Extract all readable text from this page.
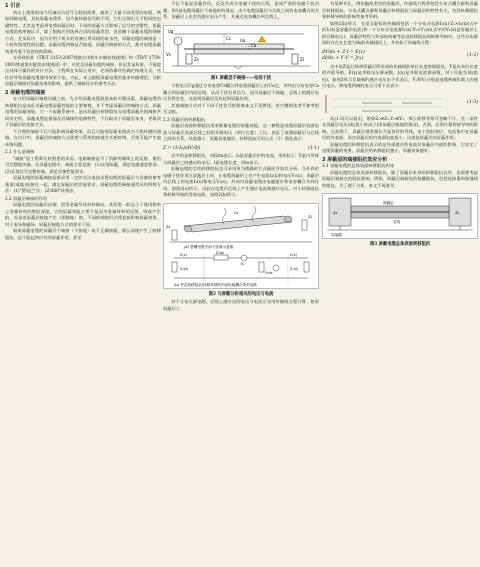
1 引言

机车上使用的电气设备因为信号互联的需要，使用了大量不同类型的电缆，例如同轴电缆、双绞屏蔽电缆等。因为被传输信号的不同，它们呈现出大不相同的电磁特性。尤其是考虑到电缆屏蔽层时，不同的屏蔽方式影响了信号的完整性，屏蔽电缆的效用被认可，除了根据应用选择合适的屏蔽类型，也依赖于屏蔽电缆的端接方式。在实际中，因为应用于机车的设备应用环境的复杂性，屏蔽电缆的端接是一个较有挑战性的问题。屏蔽电缆两端是否接地，屏蔽层端接的方式，都对电缆屏蔽效果有着不容忽视的影响。

在资料标准《TB/T 3153-2007铁路应用机车车辆布线规则》和《TB/T 1759-2003铁道客车配线布线规则》中，亦述及屏蔽电缆的端接。但因其是标准，不能提出具体可操作的设计方法。工程师在实际应用中，必须依靠经验确定接地方式，这往往导致屏蔽电缆使用效果不佳。为此，本文根据屏蔽电缆的基本传输理论，分析屏蔽层端接对屏蔽效果的影响，提供了端接设计的参考方法。

2 屏蔽电缆的端接

在介绍屏蔽层端接问题之前，先介绍屏蔽电缆最基本的关键因素。屏蔽电缆的转移阻抗是表征屏蔽电缆屏蔽性能的主要参数，并不考虑屏蔽层的端接方式，屏蔽电缆的屏蔽效能，它一个屏蔽系统中，是由屏蔽层转移阻抗及电缆屏蔽层的端接共同决定的。屏蔽电缆连接器及其端接的电路特性，不仅取决于屏蔽层本身，更取决于屏蔽层的连接方式。

不合理的端接不仅可能影响屏蔽效果，而且可能使屏蔽电缆成为干扰传播的通路。在设计中，屏蔽层的端接方式需要与系统的接地方式相协调，否则可能产生地环路问题。

2.1 什么是端接

"端接"是工程师比较熟悉的术语。电路端接是为了消除传输线上的反射，使信号完整地传输。在屏蔽电缆中，端接主要是指：(1)实现屏蔽，满足电磁兼容要求；(2)实现信号完整传输，满足设备性能要求。

屏蔽电缆的屏蔽端接是指采用一定的方法或技术将电缆的屏蔽层与设备的参考基准(或地)连接在一起，满足屏蔽层的功能要求。屏蔽电缆的端接通常采用两种方法：(1)"猪尾巴"法；(2)360°环接法。

2.2 屏蔽层端接的作用

屏蔽电缆的屏蔽层由铜、铝等金属导体材料制成，其厚度一般远小于使用频率上金属材料的集肤深度。它的屏蔽效能主要不是因为金属材料的反射、吸收产生的，而是由屏蔽层接地产生（即接地）的。不同的端接形式将直接影响屏蔽效果，对于电场和磁场，屏蔽层接地方式的要求不同。

如果屏蔽电缆的屏蔽层不端接（不接地）或不正确接地，那么即使产生了转移阻抗，也不能起到应有的屏蔽作用，甚至

不仅不能起屏蔽作用，反而会成为电磁干扰的天线，造成严重的电磁干扰问题。图1是电缆屏蔽层不接地时的情况，由于电缆屏蔽层与芯线之间有电容耦合的关系，屏蔽层上也会有感应电压产生，并通过电容耦合到芯线上。

Ug
Cs Ua
Ca
Zl
Zs
Vs
图1 屏蔽层不端接——电场干扰

干扰电压Ug通过分布电容Cs耦合到电缆屏蔽层上的Ua点，并经由分布电容Ca耦合到屏蔽层内的芯线，从而干扰有用信号。因为屏蔽层不接地，芯线上的感应电压仍然存在，这说明屏蔽层没有起到屏蔽作用。

其他端接方式对于不同干扰信号的影响本文不再赘述，有兴趣的读者可参考相关文献。

2.3 屏蔽层的转移阻抗

屏蔽层表面转移阻抗用来衡量电缆的屏蔽效能。这一参数是电缆屏蔽层表面电流与屏蔽层表面芯线之间的开路电压（单位长度）之比，表征了电缆屏蔽层与芯线之间的关系，其值越小，屏蔽效果越好。转移阻抗可用公式（1）简化表示：

Z = (1/I₀)(dV/dl)	(1-1)

式中的是转移阻抗，用Ω/m表示；I₀是屏蔽层中的电流，用A表示；V是内导体与屏蔽层之间感应的电压；l是电缆长度，用m表示。

屏蔽电缆的芯线转移阻抗也可采用更为精确的方式描述并加以分析。当外界的电磁干扰作用在屏蔽层上时，在电缆屏蔽层上会产生电流I₁(x)和电压V₁(x)；屏蔽层内芯线上的电流I₂(x)和电压V₂(x)，外向内屏蔽电缆由电磁感应和电容耦合共同作用。如图2(a)所示，由此在电缆内芯线上产生感应电流和感应电压。对于转移阻抗和转移导纳的等效电路，如图2(b)所示。

Zs
ZL
Cs
(a) 管螺电缆外部干扰源示意图
I₁(x)
V₁(x)
I₂(x)
V₂(x)
Z₁dx
Y₁dx
E₀
(b) 考虑转移阻抗/转移导纳的内部电磁耦合等效电路
图2 与屏蔽分析相关的电压与电流

对于分布式源电路，芯线上感应出的电压与电流可采用传输线方程计算。如果屏蔽层上

有某种开孔，例如编织类型的屏蔽层，传输线方程将包括分布式耦合源和屏蔽层转移阻抗。分布式耦合源和屏蔽层转移阻抗与屏蔽层的特性有关，包括转移阻抗和转移导纳的影响等参考资料。

如图2(b)所示，长度无限短的传输线包括一个分布式电源I₁(x)·Z₁×I₂(x)(式中的I₁(x)是屏蔽层电流)和一个分布式电流源I₁(x)·Y₂×V₁(x)(式中的V₁(x)是屏蔽层上的开路电压)。屏蔽层特性与外部结构被考虑进转移阻抗和转移导纳中。这些分布源同时存在在长度为dx的传输线段上，并有如下传输线方程：

dV/dx + Z·I = E(x)
dI/dx + Y·V = J(x)
(1-2)

式中的Z是芯线和屏蔽层所形成的传输线的单位长度串联阻抗，Y是其单位长度的并联导纳，E(x)是串联电压源函数，J(x)是并联电流源函数。对于匹配负载(阻抗)，如图3所示负载端的感应电压由下式表示，V₁和V₂分别是电缆两端负载上的感应电压。则电缆两端的电压可用下式表示：

(1-3)

从(1-3)可以看出，如果Z₁≪Z₂,Y₁≪Y₂，那么转移导纳可忽略不计。这一条件在屏蔽层电压(或)很小时成立(即屏蔽层接地的情况)。否则，必须计算转移导纳的影响。在高频下，屏蔽层通常被认为是良好的导体，由于趋肤效应，电流集中在屏蔽层的外表面，而在屏蔽层的内表面电流很小，这就是屏蔽层的屏蔽作用。

屏蔽电缆的转移阻抗表示的是外部感应的电流对屏蔽层内部的影响，它决定了电缆屏蔽的效果。屏蔽层的转移阻抗越小，屏蔽效果越好。

3 屏蔽层的端接阻抗效应分析
3.1 屏蔽电缆的总体表面转移阻抗构成

屏蔽电缆的总体表面转移阻抗，除了屏蔽层本身的转移阻抗以外，也需要考虑屏蔽层端接点的阻抗影响。例如，屏蔽层端接处的接触阻抗，包括连接器和接地线的阻抗，为了便于分析，本文不再推导。

屏蔽层
芯线
连接器
Zs	ZL
图3 屏蔽电缆总体表面转移阻抗
